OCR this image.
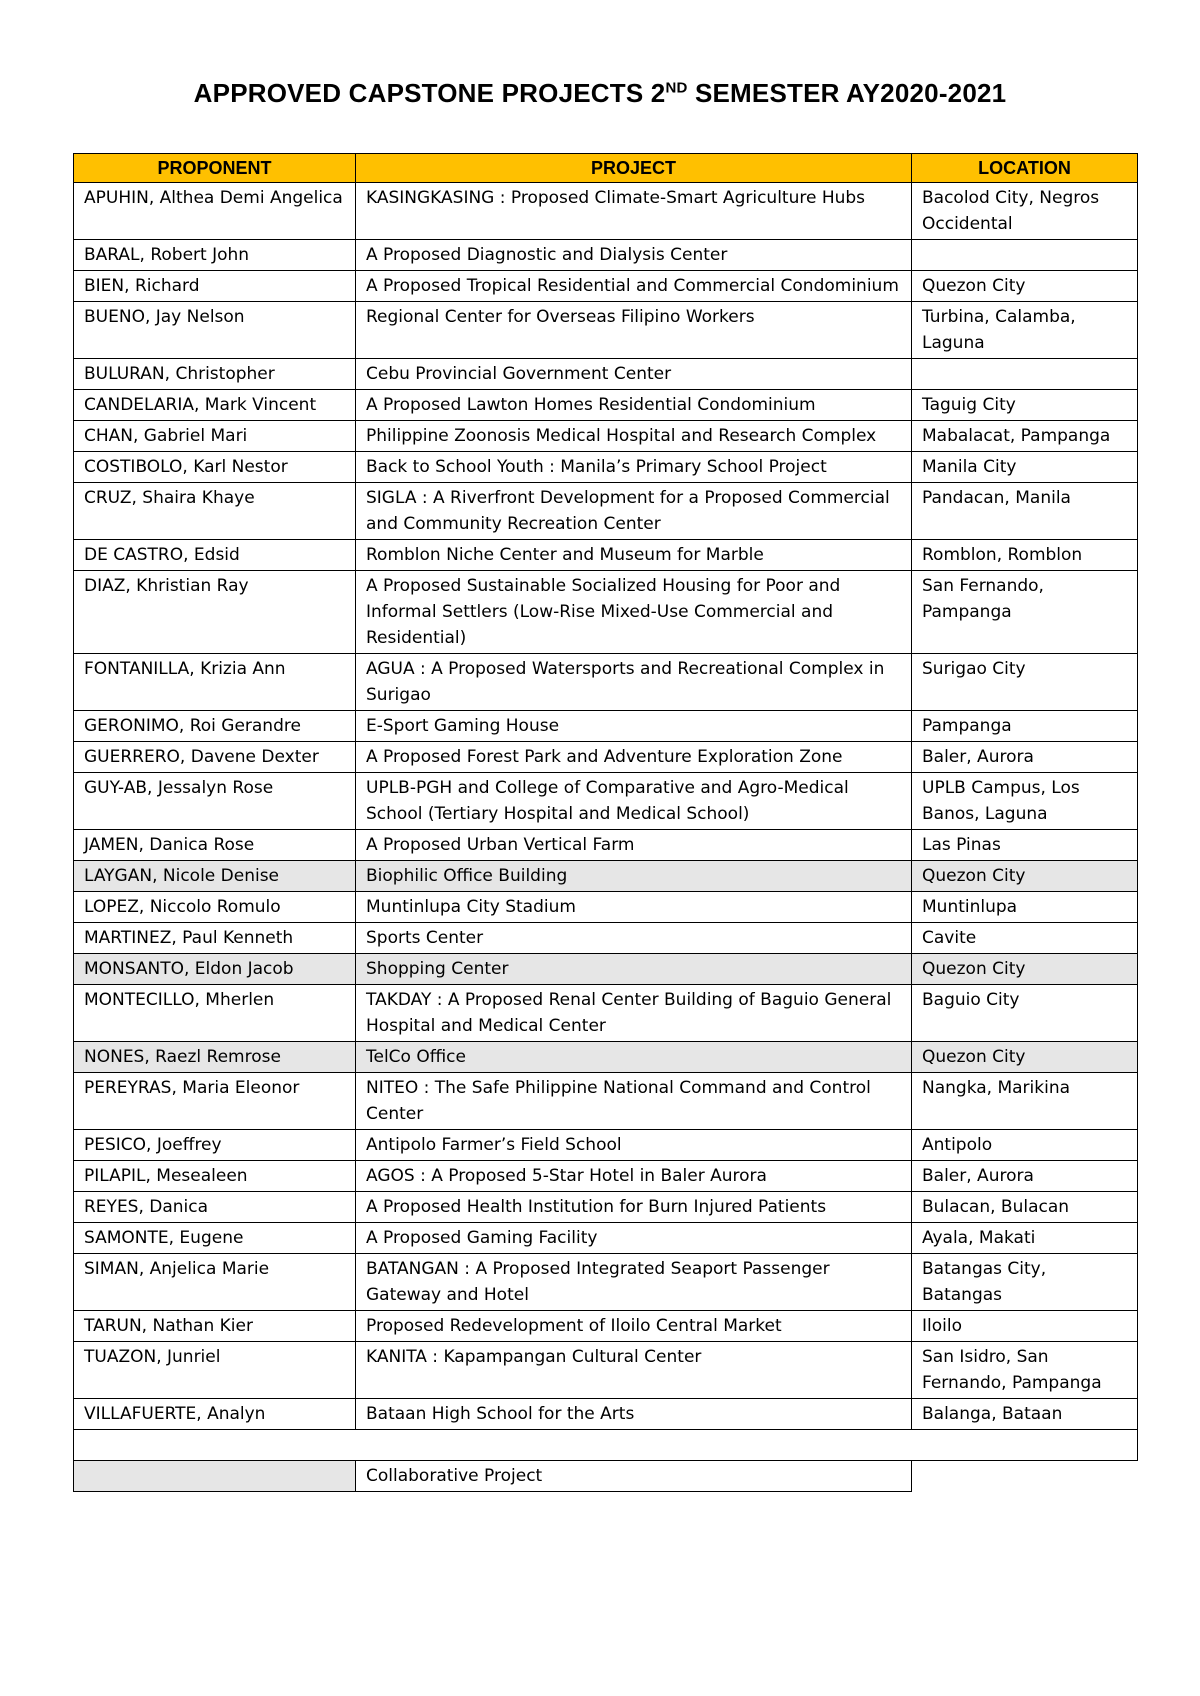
APPROVED CAPSTONE PROJECTS 2ND SEMESTER AY2020-2021
PROPONENT	PROJECT	LOCATION
APUHIN, Althea Demi Angelica	KASINGKASING : Proposed Climate-Smart Agriculture Hubs	Bacolod City, Negros Occidental
BARAL, Robert John	A Proposed Diagnostic and Dialysis Center	
BIEN, Richard	A Proposed Tropical Residential and Commercial Condominium	Quezon City
BUENO, Jay Nelson	Regional Center for Overseas Filipino Workers	Turbina, Calamba, Laguna
BULURAN, Christopher	Cebu Provincial Government Center	
CANDELARIA, Mark Vincent	A Proposed Lawton Homes Residential Condominium	Taguig City
CHAN, Gabriel Mari	Philippine Zoonosis Medical Hospital and Research Complex	Mabalacat, Pampanga
COSTIBOLO, Karl Nestor	Back to School Youth : Manila’s Primary School Project	Manila City
CRUZ, Shaira Khaye	SIGLA : A Riverfront Development for a Proposed Commercial and Community Recreation Center	Pandacan, Manila
DE CASTRO, Edsid	Romblon Niche Center and Museum for Marble	Romblon, Romblon
DIAZ, Khristian Ray	A Proposed Sustainable Socialized Housing for Poor and Informal Settlers (Low-Rise Mixed-Use Commercial and Residential)	San Fernando, Pampanga
FONTANILLA, Krizia Ann	AGUA : A Proposed Watersports and Recreational Complex in Surigao	Surigao City
GERONIMO, Roi Gerandre	E-Sport Gaming House	Pampanga
GUERRERO, Davene Dexter	A Proposed Forest Park and Adventure Exploration Zone	Baler, Aurora
GUY-AB, Jessalyn Rose	UPLB-PGH and College of Comparative and Agro-Medical School (Tertiary Hospital and Medical School)	UPLB Campus, Los Banos, Laguna
JAMEN, Danica Rose	A Proposed Urban Vertical Farm	Las Pinas
LAYGAN, Nicole Denise	Biophilic Office Building	Quezon City
LOPEZ, Niccolo Romulo	Muntinlupa City Stadium	Muntinlupa
MARTINEZ, Paul Kenneth	Sports Center	Cavite
MONSANTO, Eldon Jacob	Shopping Center	Quezon City
MONTECILLO, Mherlen	TAKDAY : A Proposed Renal Center Building of Baguio General Hospital and Medical Center	Baguio City
NONES, Raezl Remrose	TelCo Office	Quezon City
PEREYRAS, Maria Eleonor	NITEO : The Safe Philippine National Command and Control Center	Nangka, Marikina
PESICO, Joeffrey	Antipolo Farmer’s Field School	Antipolo
PILAPIL, Mesealeen	AGOS : A Proposed 5-Star Hotel in Baler Aurora	Baler, Aurora
REYES, Danica	A Proposed Health Institution for Burn Injured Patients	Bulacan, Bulacan
SAMONTE, Eugene	A Proposed Gaming Facility	Ayala, Makati
SIMAN, Anjelica Marie	BATANGAN : A Proposed Integrated Seaport Passenger Gateway and Hotel	Batangas City, Batangas
TARUN, Nathan Kier	Proposed Redevelopment of Iloilo Central Market	Iloilo
TUAZON, Junriel	KANITA : Kapampangan Cultural Center	San Isidro, San Fernando, Pampanga
VILLAFUERTE, Analyn	Bataan High School for the Arts	Balanga, Bataan

	Collaborative Project	
